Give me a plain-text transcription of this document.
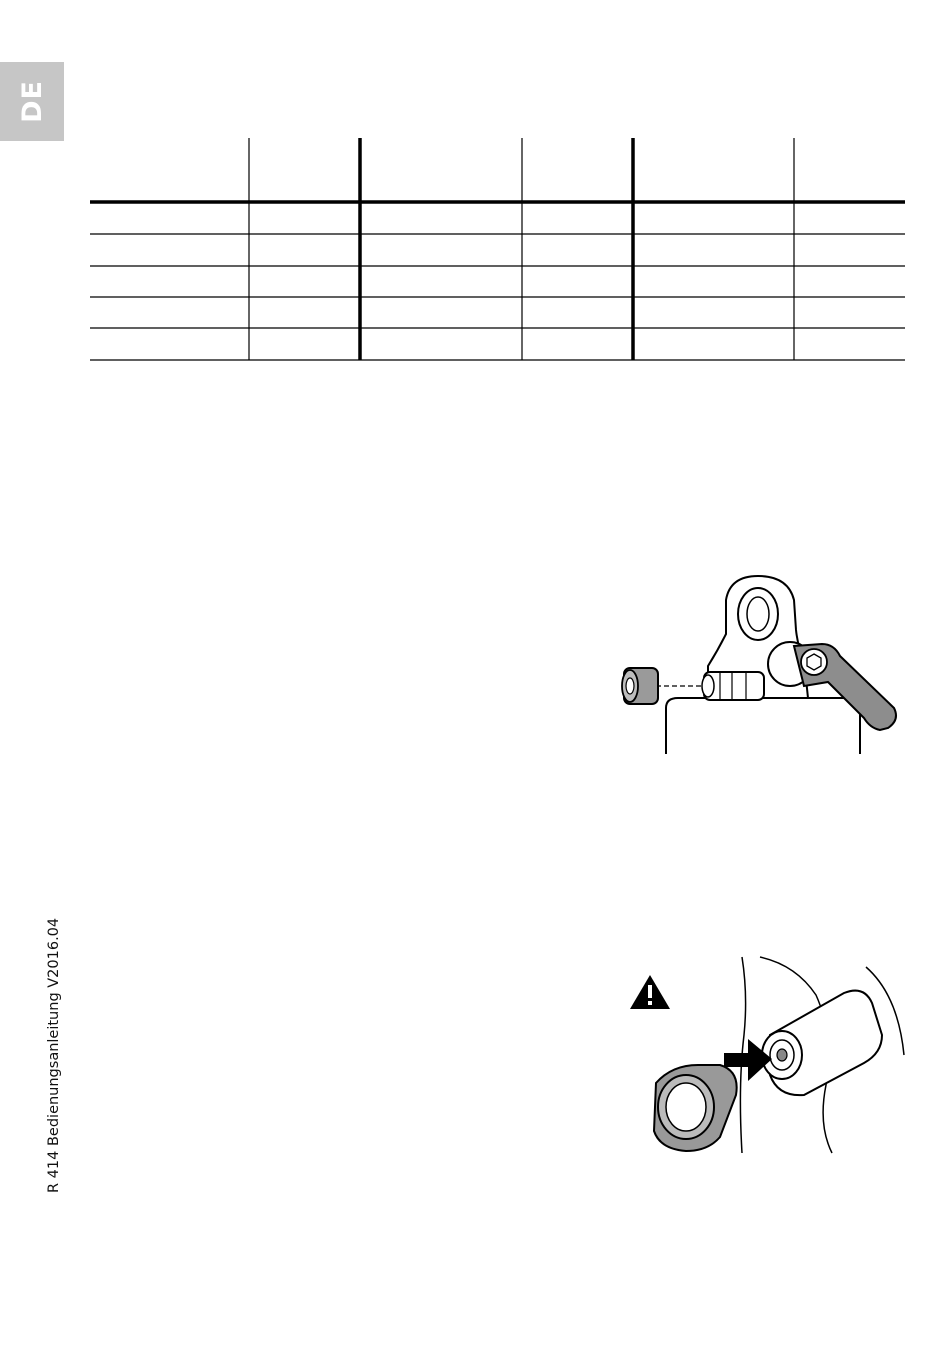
DE
R 414 Bedienungsanleitung V2016.04
